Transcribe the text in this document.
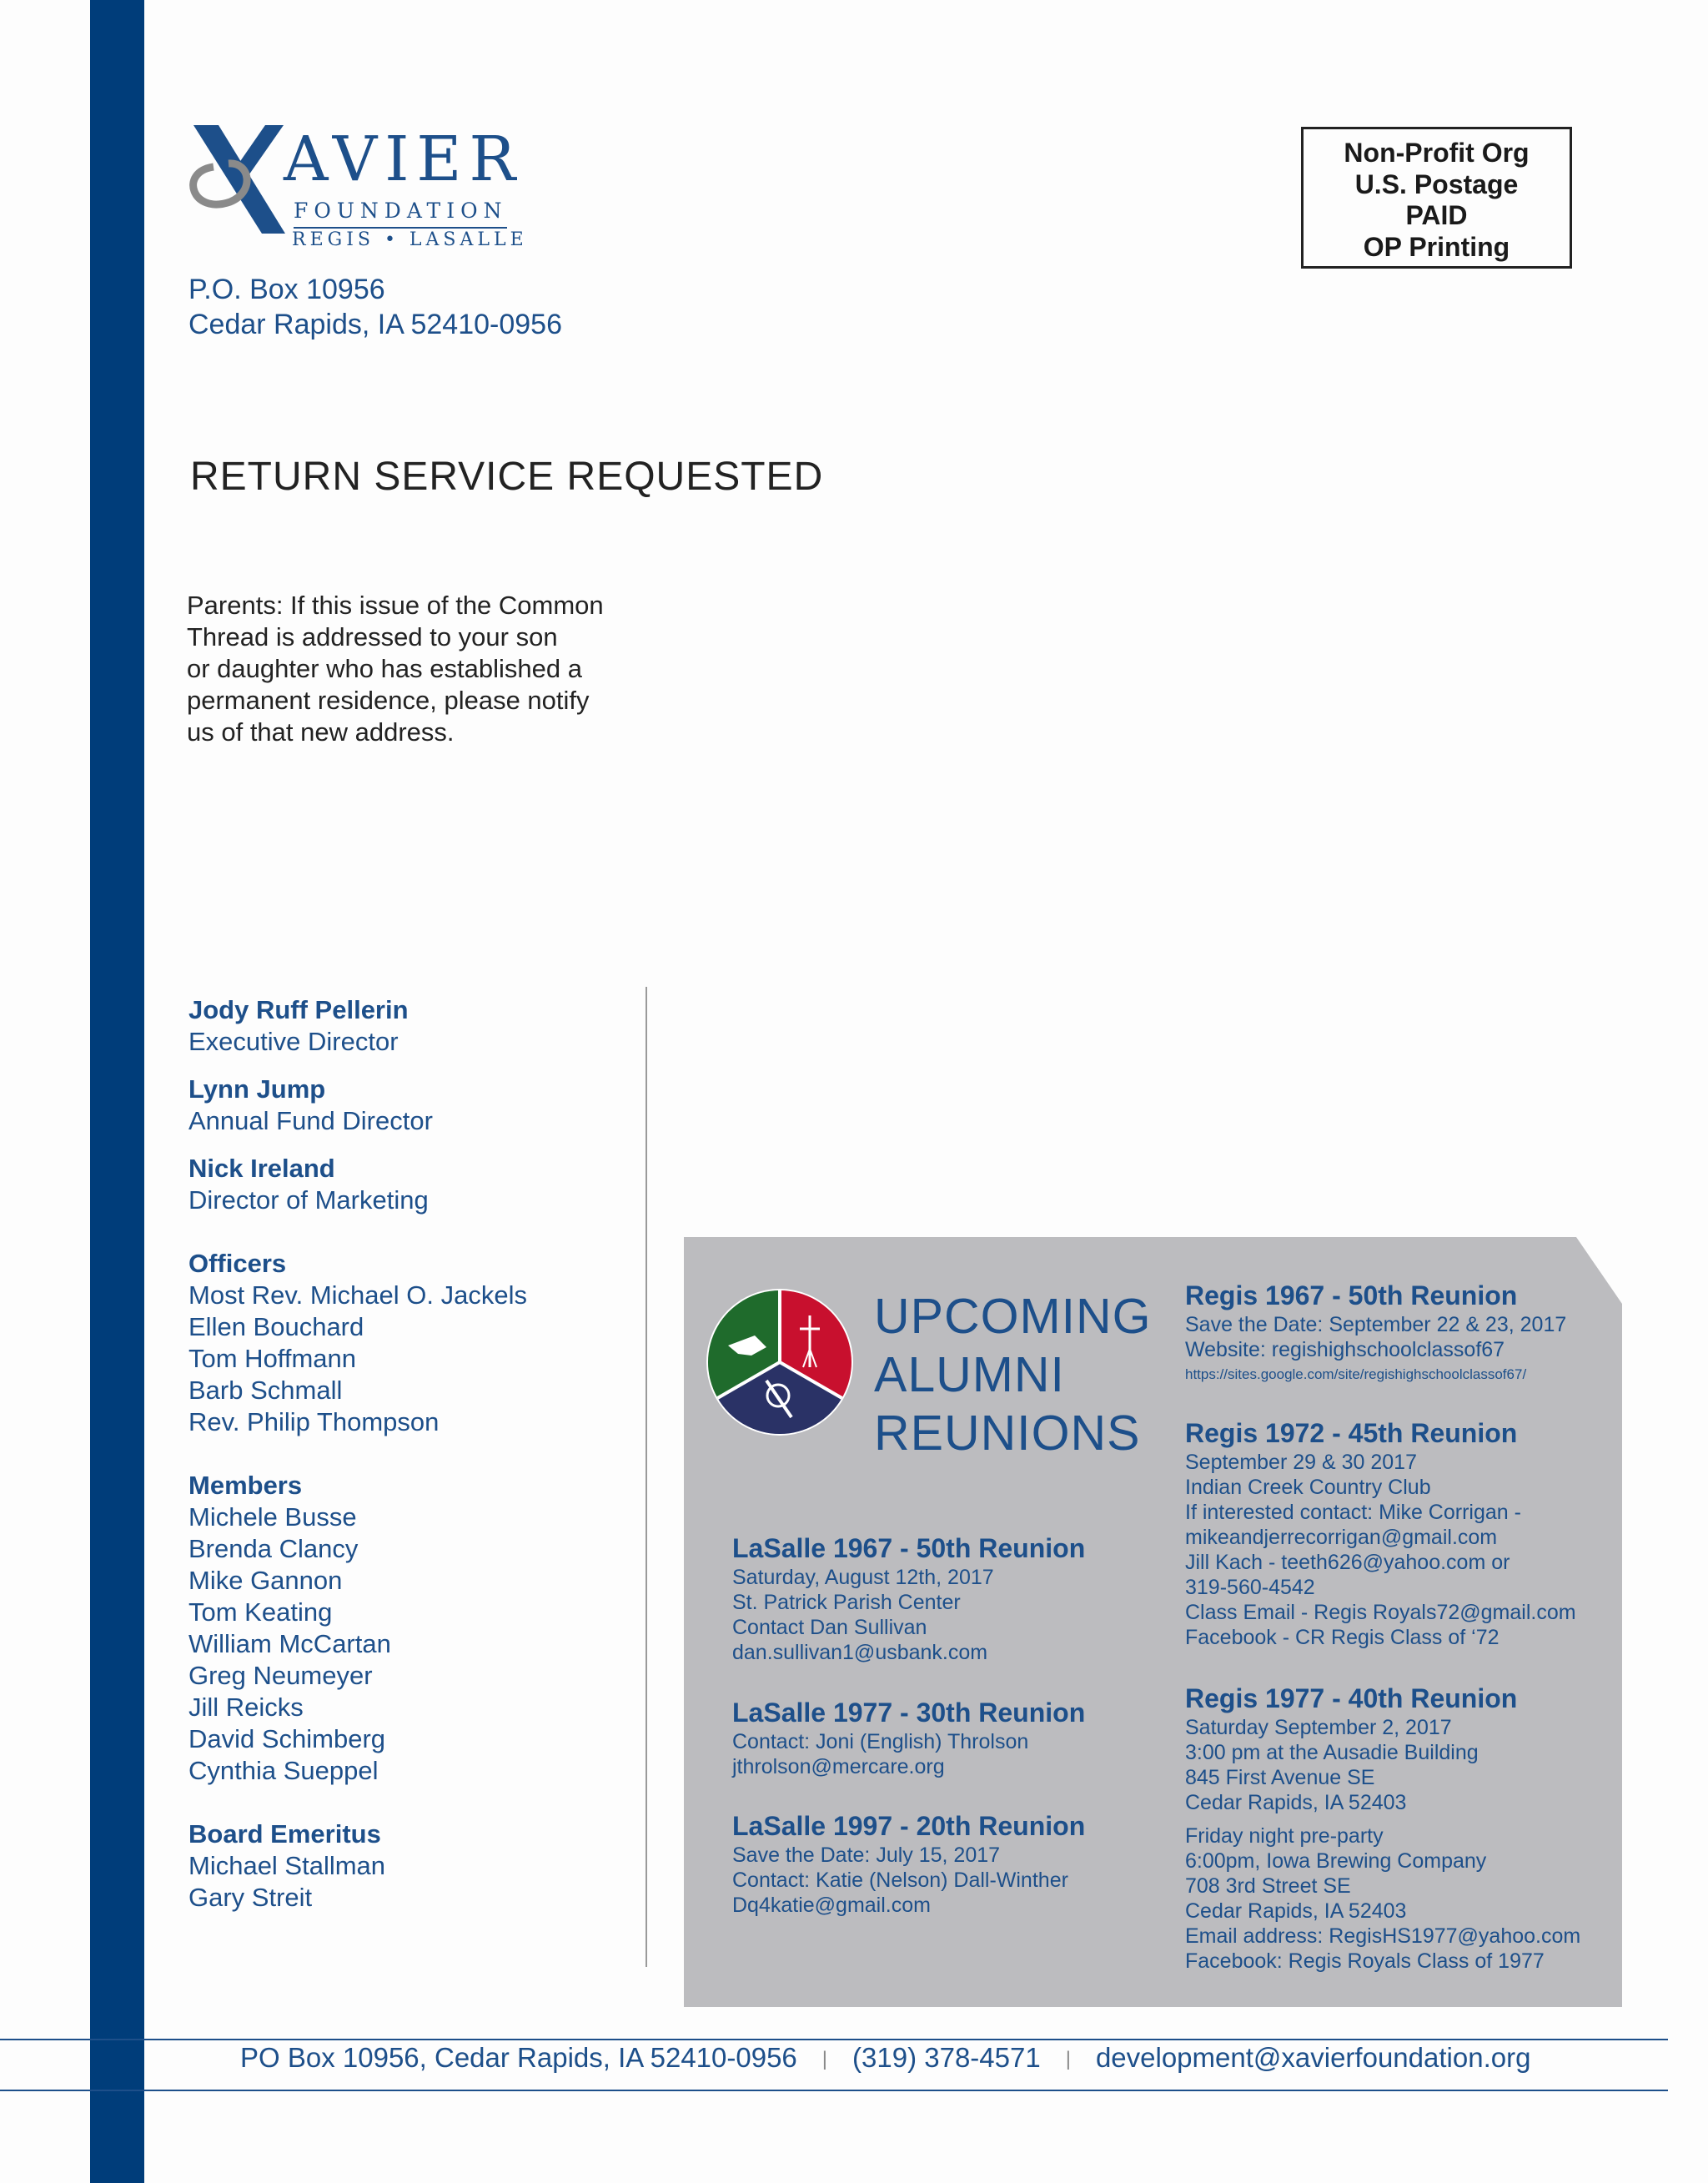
AVIER
FOUNDATION
REGIS • LASALLE
P.O. Box 10956
Cedar Rapids, IA 52410-0956
Non-Profit Org
U.S. Postage
PAID
OP Printing
RETURN SERVICE REQUESTED
Parents: If this issue of the Common
Thread is addressed to your son
or daughter who has established a
permanent residence, please notify
us of that new address.
Jody Ruff Pellerin
Executive Director
Lynn Jump
Annual Fund Director
Nick Ireland
Director of Marketing
Officers
Most Rev. Michael O. Jackels
Ellen Bouchard
Tom Hoffmann
Barb Schmall
Rev. Philip Thompson
Members
Michele Busse
Brenda Clancy
Mike Gannon
Tom Keating
William McCartan
Greg Neumeyer
Jill Reicks
David Schimberg
Cynthia Sueppel
Board Emeritus
Michael Stallman
Gary Streit
UPCOMING
ALUMNI
REUNIONS
LaSalle 1967 - 50th Reunion
Saturday, August 12th, 2017
St. Patrick Parish Center
Contact Dan Sullivan
dan.sullivan1@usbank.com
LaSalle 1977 - 30th Reunion
Contact: Joni (English) Throlson
jthrolson@mercare.org
LaSalle 1997 - 20th Reunion
Save the Date: July 15, 2017
Contact: Katie (Nelson) Dall-Winther
Dq4katie@gmail.com
Regis 1967 - 50th Reunion
Save the Date: September 22 & 23, 2017
Website: regishighschoolclassof67
https://sites.google.com/site/regishighschoolclassof67/
Regis 1972 - 45th Reunion
September 29 & 30 2017
Indian Creek Country Club
If interested contact: Mike Corrigan -
mikeandjerrecorrigan@gmail.com
Jill Kach - teeth626@yahoo.com or
319-560-4542
Class Email - Regis Royals72@gmail.com
Facebook - CR Regis Class of ‘72
Regis 1977 - 40th Reunion
Saturday September 2, 2017
3:00 pm at the Ausadie Building
845 First Avenue SE
Cedar Rapids, IA 52403
Friday night pre-party
6:00pm, Iowa Brewing Company
708 3rd Street SE
Cedar Rapids, IA 52403
Email address: RegisHS1977@yahoo.com
Facebook: Regis Royals Class of 1977
PO Box 10956, Cedar Rapids, IA 52410-0956 | (319) 378-4571 | development@xavierfoundation.org
